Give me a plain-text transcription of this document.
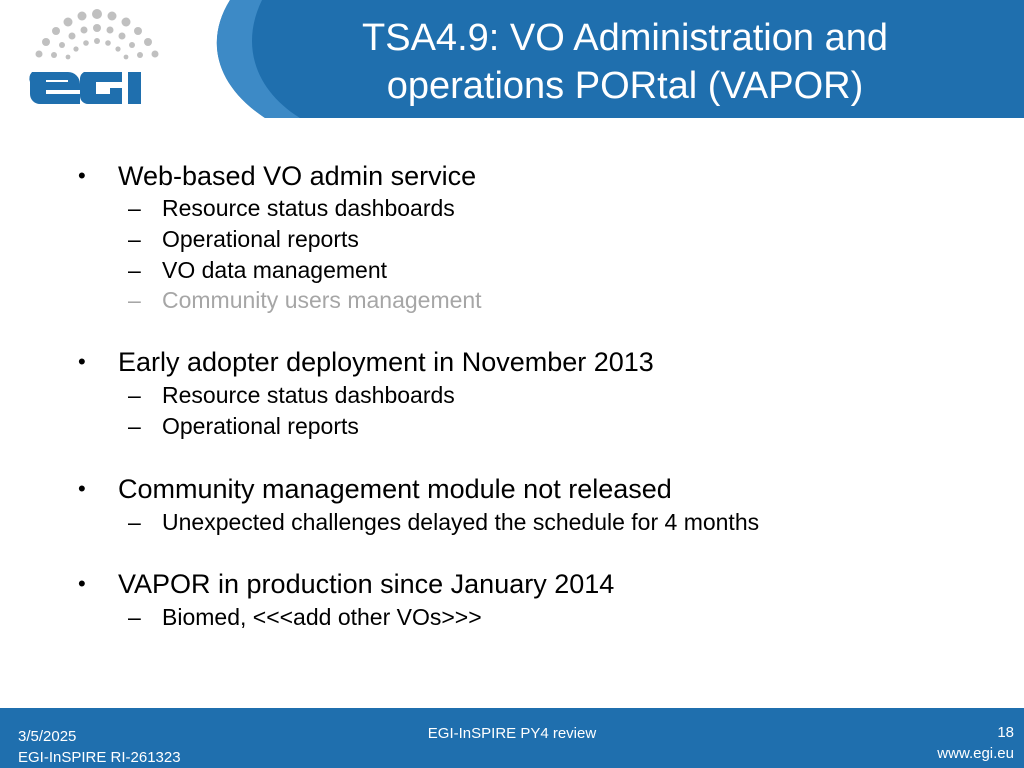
TSA4.9: VO Administration and
operations PORtal (VAPOR)
• Web-based VO admin service
– Resource status dashboards
– Operational reports
– VO data management
– Community users management
• Early adopter deployment in November 2013
– Resource status dashboards
– Operational reports
• Community management module not released
– Unexpected challenges delayed the schedule for 4 months
• VAPOR in production since January 2014
– Biomed, <<<add other VOs>>>
EGI-InSPIRE PY4 review
3/5/2025
EGI-InSPIRE RI-261323
18
www.egi.eu
